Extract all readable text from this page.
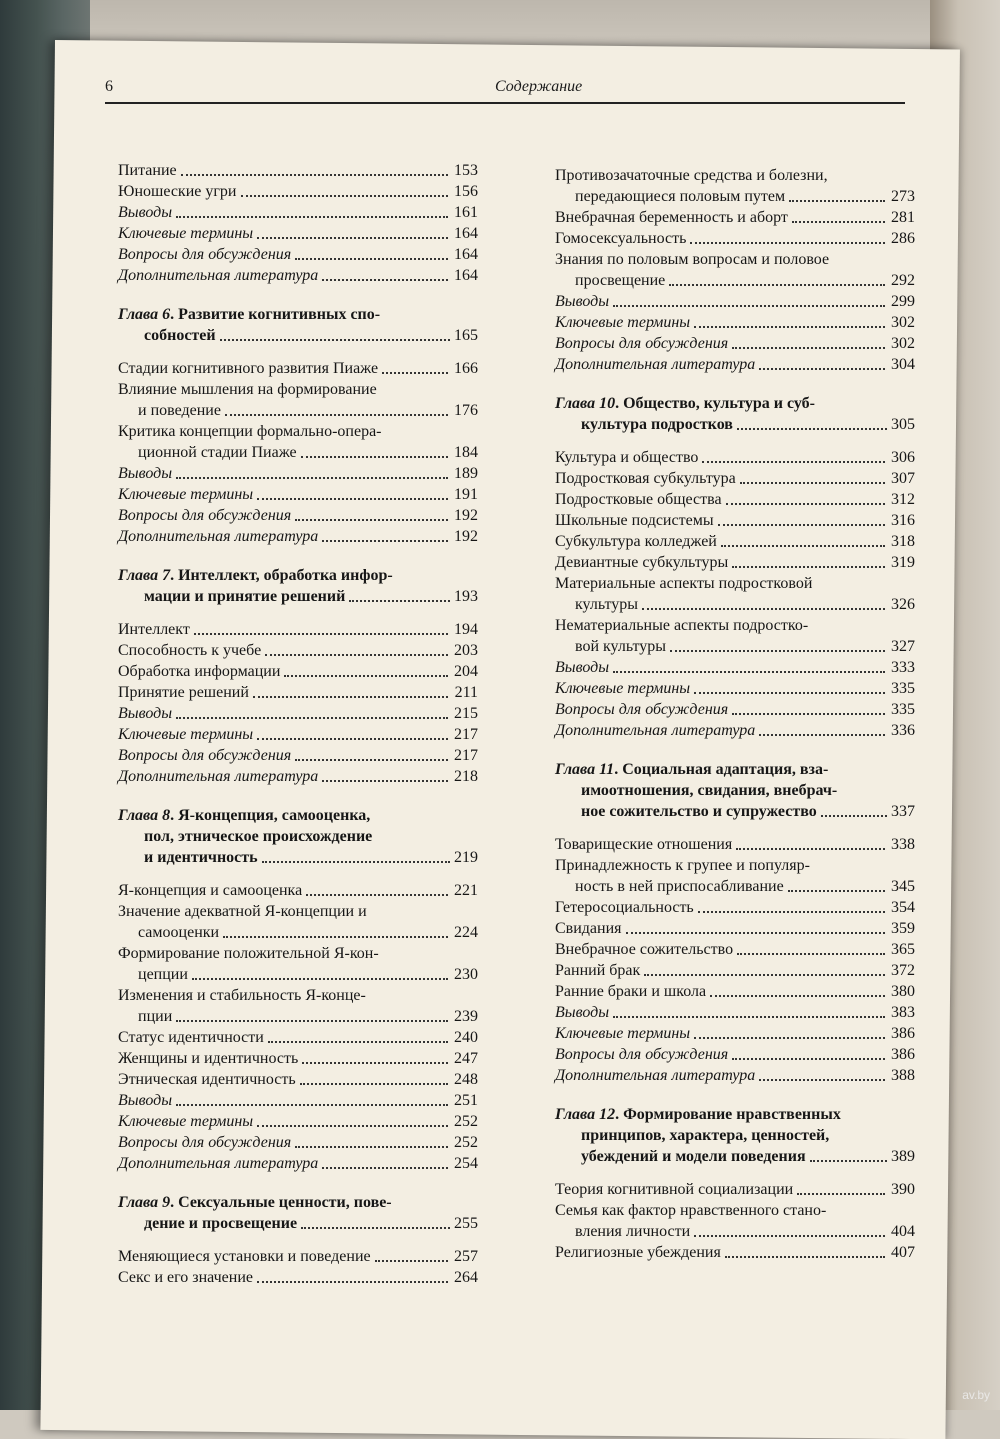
6	Содержание
Питание	153
Юношеские угри	156
Выводы	161
Ключевые термины	164
Вопросы для обсуждения	164
Дополнительная литература	164
Глава 6. Развитие когнитивных спо-
собностей	165
Стадии когнитивного развития Пиаже	166
Влияние мышления на формирование
и поведение	176
Критика концепции формально-опера-
ционной стадии Пиаже	184
Выводы	189
Ключевые термины	191
Вопросы для обсуждения	192
Дополнительная литература	192
Глава 7. Интеллект, обработка инфор-
мации и принятие решений	193
Интеллект	194
Способность к учебе	203
Обработка информации	204
Принятие решений	211
Выводы	215
Ключевые термины	217
Вопросы для обсуждения	217
Дополнительная литература	218
Глава 8. Я-концепция, самооценка,
пол, этническое происхождение
и идентичность	219
Я-концепция и самооценка	221
Значение адекватной Я-концепции и
самооценки	224
Формирование положительной Я-кон-
цепции	230
Изменения и стабильность Я-конце-
пции	239
Статус идентичности	240
Женщины и идентичность	247
Этническая идентичность	248
Выводы	251
Ключевые термины	252
Вопросы для обсуждения	252
Дополнительная литература	254
Глава 9. Сексуальные ценности, пове-
дение и просвещение	255
Меняющиеся установки и поведение	257
Секс и его значение	264
Противозачаточные средства и болезни,
передающиеся половым путем	273
Внебрачная беременность и аборт	281
Гомосексуальность	286
Знания по половым вопросам и половое
просвещение	292
Выводы	299
Ключевые термины	302
Вопросы для обсуждения	302
Дополнительная литература	304
Глава 10. Общество, культура и суб-
культура подростков	305
Культура и общество	306
Подростковая субкультура	307
Подростковые общества	312
Школьные подсистемы	316
Субкультура колледжей	318
Девиантные субкультуры	319
Материальные аспекты подростковой
культуры	326
Нематериальные аспекты подростко-
вой культуры	327
Выводы	333
Ключевые термины	335
Вопросы для обсуждения	335
Дополнительная литература	336
Глава 11. Социальная адаптация, вза-
имоотношения, свидания, внебрач-
ное сожительство и супружество	337
Товарищеские отношения	338
Принадлежность к групее и популяр-
ность в ней приспосабливание	345
Гетеросоциальность	354
Свидания	359
Внебрачное сожительство	365
Ранний брак	372
Ранние браки и школа	380
Выводы	383
Ключевые термины	386
Вопросы для обсуждения	386
Дополнительная литература	388
Глава 12. Формирование нравственных
принципов, характера, ценностей,
убеждений и модели поведения	389
Теория когнитивной социализации	390
Семья как фактор нравственного стано-
вления личности	404
Религиозные убеждения	407
av.by
